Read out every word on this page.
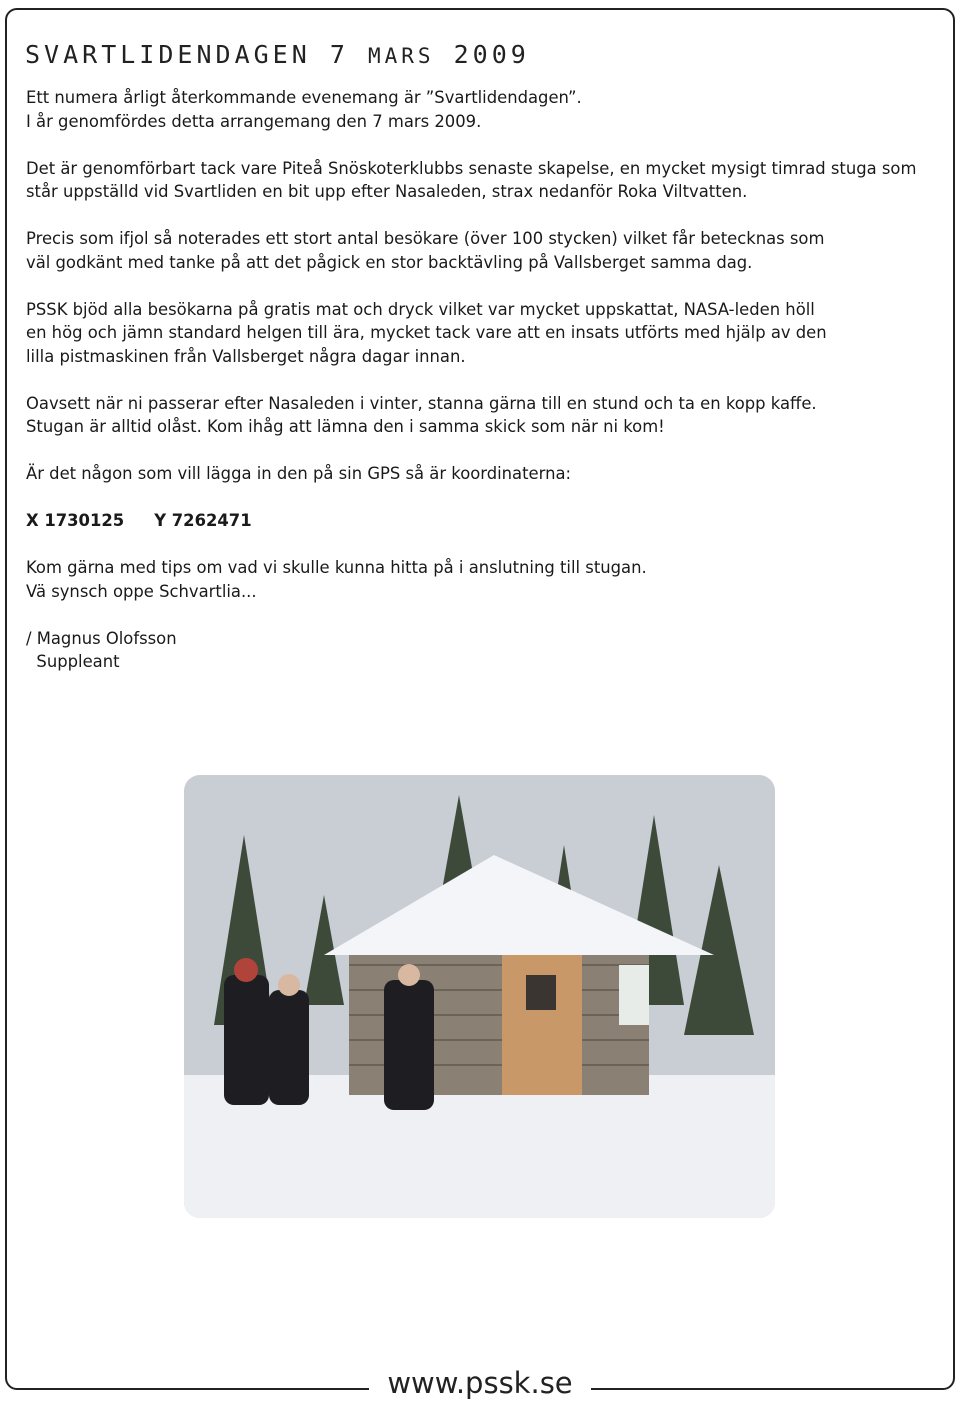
SVARTLIDENDAGEN 7 MARS 2009

Ett numera årligt återkommande evenemang är ”Svartlidendagen”.
I år genomfördes detta arrangemang den 7 mars 2009.

Det är genomförbart tack vare Piteå Snöskoterklubbs senaste skapelse, en mycket mysigt timrad stuga som
står uppställd vid Svartliden en bit upp efter Nasaleden, strax nedanför Roka Viltvatten.

Precis som ifjol så noterades ett stort antal besökare (över 100 stycken) vilket får betecknas som
väl godkänt med tanke på att det pågick en stor backtävling på Vallsberget samma dag.

PSSK bjöd alla besökarna på gratis mat och dryck vilket var mycket uppskattat, NASA-leden höll
en hög och jämn standard helgen till ära, mycket tack vare att en insats utförts med hjälp av den
lilla pistmaskinen från Vallsberget några dagar innan.

Oavsett när ni passerar efter Nasaleden i vinter, stanna gärna till en stund och ta en kopp kaffe.
Stugan är alltid olåst. Kom ihåg att lämna den i samma skick som när ni kom!

Är det någon som vill lägga in den på sin GPS så är koordinaterna:

X 1730125 Y 7262471

Kom gärna med tips om vad vi skulle kunna hitta på i anslutning till stugan.
Vä synsch oppe Schvartlia...

/ Magnus Olofsson
Suppleant

www.pssk.se
